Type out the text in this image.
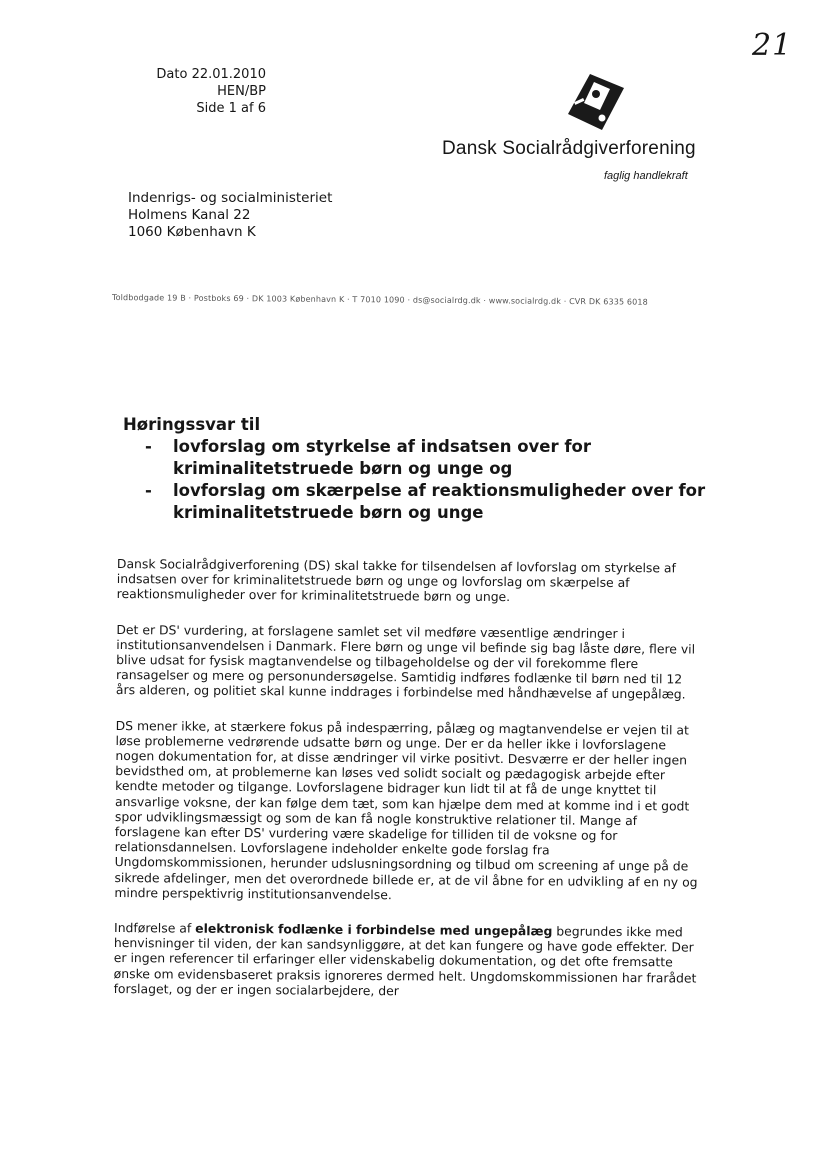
21
Dato 22.01.2010
HEN/BP
Side 1 af 6
Dansk Socialrådgiverforening
faglig handlekraft
Indenrigs- og socialministeriet
Holmens Kanal 22
1060 København K
Toldbodgade 19 B · Postboks 69 · DK 1003 København K · T 7010 1090 · ds@socialrdg.dk · www.socialrdg.dk · CVR DK 6335 6018
Høringssvar til
- lovforslag om styrkelse af indsatsen over for kriminalitetstruede børn og unge og
- lovforslag om skærpelse af reaktionsmuligheder over for kriminalitetstruede børn og unge

Dansk Socialrådgiverforening (DS) skal takke for tilsendelsen af lovforslag om styrkelse af indsatsen over for kriminalitetstruede børn og unge og lovforslag om skærpelse af reaktionsmuligheder over for kriminalitetstruede børn og unge.

Det er DS' vurdering, at forslagene samlet set vil medføre væsentlige ændringer i institutionsanvendelsen i Danmark. Flere børn og unge vil befinde sig bag låste døre, flere vil blive udsat for fysisk magtanvendelse og tilbageholdelse og der vil forekomme flere ransagelser og mere og personundersøgelse. Samtidig indføres fodlænke til børn ned til 12 års alderen, og politiet skal kunne inddrages i forbindelse med håndhævelse af ungepålæg.

DS mener ikke, at stærkere fokus på indespærring, pålæg og magtanvendelse er vejen til at løse problemerne vedrørende udsatte børn og unge. Der er da heller ikke i lovforslagene nogen dokumentation for, at disse ændringer vil virke positivt. Desværre er der heller ingen bevidsthed om, at problemerne kan løses ved solidt socialt og pædagogisk arbejde efter kendte metoder og tilgange. Lovforslagene bidrager kun lidt til at få de unge knyttet til ansvarlige voksne, der kan følge dem tæt, som kan hjælpe dem med at komme ind i et godt spor udviklingsmæssigt og som de kan få nogle konstruktive relationer til. Mange af forslagene kan efter DS' vurdering være skadelige for tilliden til de voksne og for relationsdannelsen. Lovforslagene indeholder enkelte gode forslag fra Ungdomskommissionen, herunder udslusningsordning og tilbud om screening af unge på de sikrede afdelinger, men det overordnede billede er, at de vil åbne for en udvikling af en ny og mindre perspektivrig institutionsanvendelse.

Indførelse af elektronisk fodlænke i forbindelse med ungepålæg begrundes ikke med henvisninger til viden, der kan sandsynliggøre, at det kan fungere og have gode effekter. Der er ingen referencer til erfaringer eller videnskabelig dokumentation, og det ofte fremsatte ønske om evidensbaseret praksis ignoreres dermed helt. Ungdomskommissionen har frarådet forslaget, og der er ingen socialarbejdere, der
